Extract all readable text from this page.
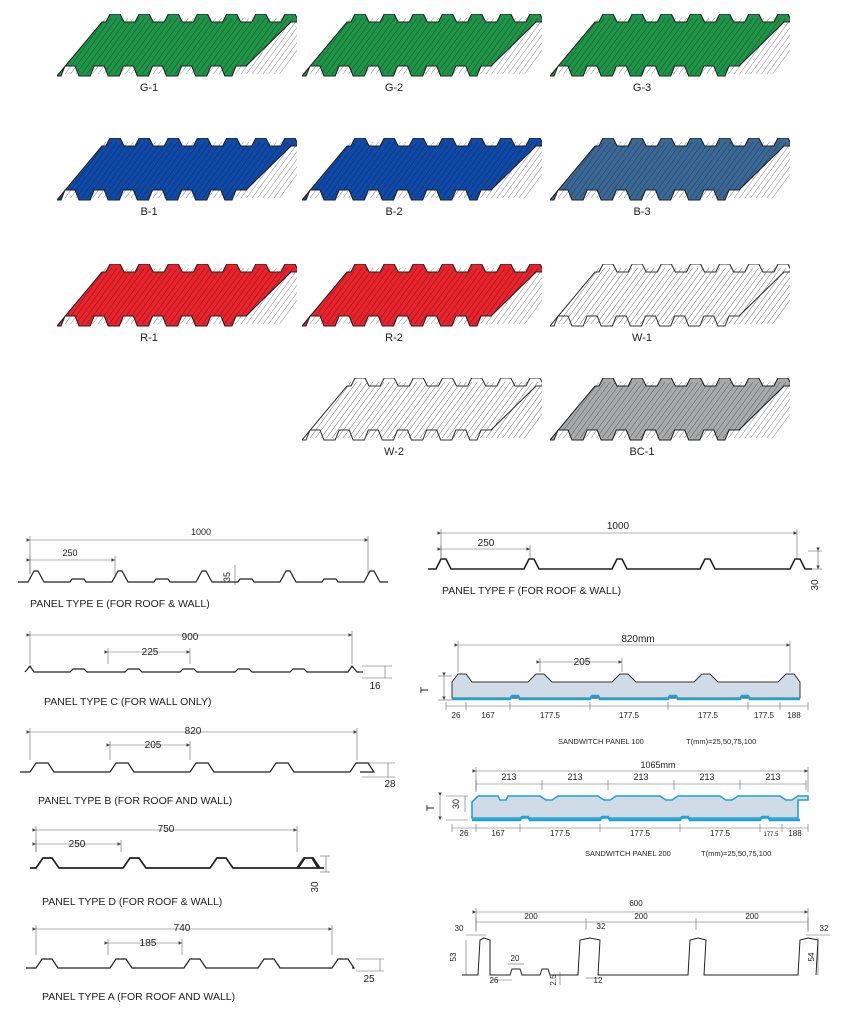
G-1	G-2	G-3
B-1	B-2	B-3
R-1	R-2	W-1
W-2	BC-1
1000
250
35
1000
250
30
900
225
16
820
205
28
750
250
30
740
185
25
820mm
205
T
26	167	177.5	177.5	177.5	177.5 188
SANDWITCH PANEL 100	T(mm)=25,50,75,100
1065mm
213	213	213	213	213
30
T
26	167	177.5	177.5	177.5	177.5 188
SANDWITCH PANEL 200	T(mm)=25,50,75,100
600
200	200	200
30	32
32
53	54
20
26	12
2.5
PANEL TYPE E (FOR ROOF & WALL)
PANEL TYPE F (FOR ROOF & WALL)
PANEL TYPE C (FOR WALL ONLY)
PANEL TYPE B (FOR ROOF AND WALL)
PANEL TYPE D (FOR ROOF & WALL)
PANEL TYPE A (FOR ROOF AND WALL)
